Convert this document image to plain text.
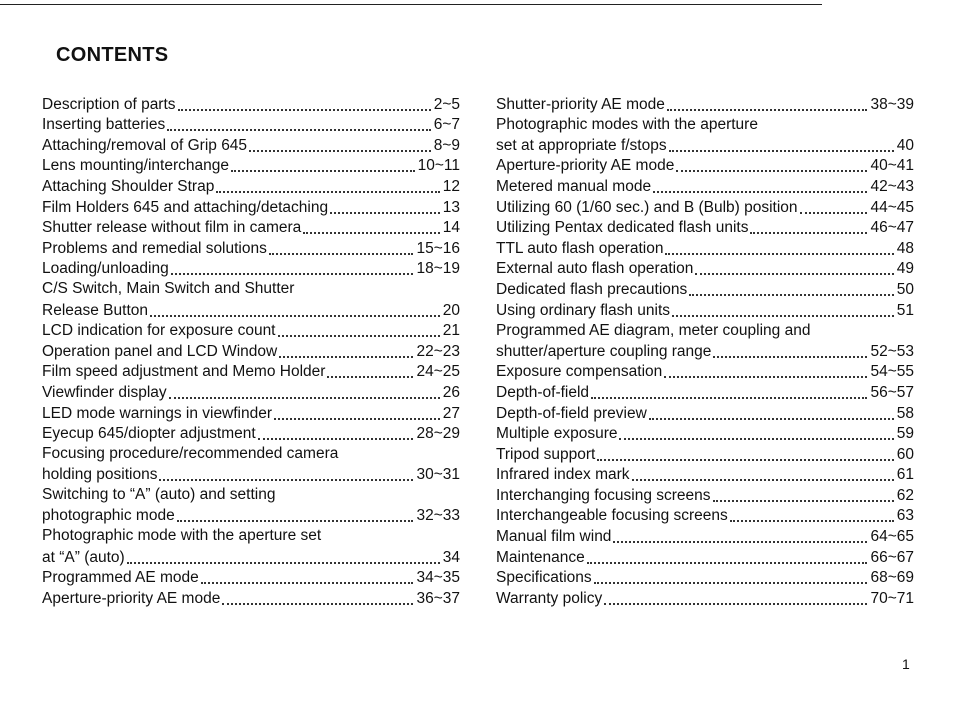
CONTENTS
Description of parts	2~5
Inserting batteries	6~7
Attaching/removal of Grip 645	8~9
Lens mounting/interchange	10~11
Attaching Shoulder Strap	12
Film Holders 645 and attaching/detaching	13
Shutter release without film in camera	14
Problems and remedial solutions	15~16
Loading/unloading	18~19
C/S Switch, Main Switch and Shutter
Release Button	20
LCD indication for exposure count	21
Operation panel and LCD Window	22~23
Film speed adjustment and Memo Holder	24~25
Viewfinder display	26
LED mode warnings in viewfinder	27
Eyecup 645/diopter adjustment	28~29
Focusing procedure/recommended camera
holding positions	30~31
Switching to “A” (auto) and setting
photographic mode	32~33
Photographic mode with the aperture set
at “A” (auto)	34
Programmed AE mode	34~35
Aperture-priority AE mode	36~37
Shutter-priority AE mode	38~39
Photographic modes with the aperture
set at appropriate f/stops	40
Aperture-priority AE mode	40~41
Metered manual mode	42~43
Utilizing 60 (1/60 sec.) and B (Bulb) position	44~45
Utilizing Pentax dedicated flash units	46~47
TTL auto flash operation	48
External auto flash operation	49
Dedicated flash precautions	50
Using ordinary flash units	51
Programmed AE diagram, meter coupling and
shutter/aperture coupling range	52~53
Exposure compensation	54~55
Depth-of-field	56~57
Depth-of-field preview	58
Multiple exposure	59
Tripod support	60
Infrared index mark	61
Interchanging focusing screens	62
Interchangeable focusing screens	63
Manual film wind	64~65
Maintenance	66~67
Specifications	68~69
Warranty policy	70~71
1
